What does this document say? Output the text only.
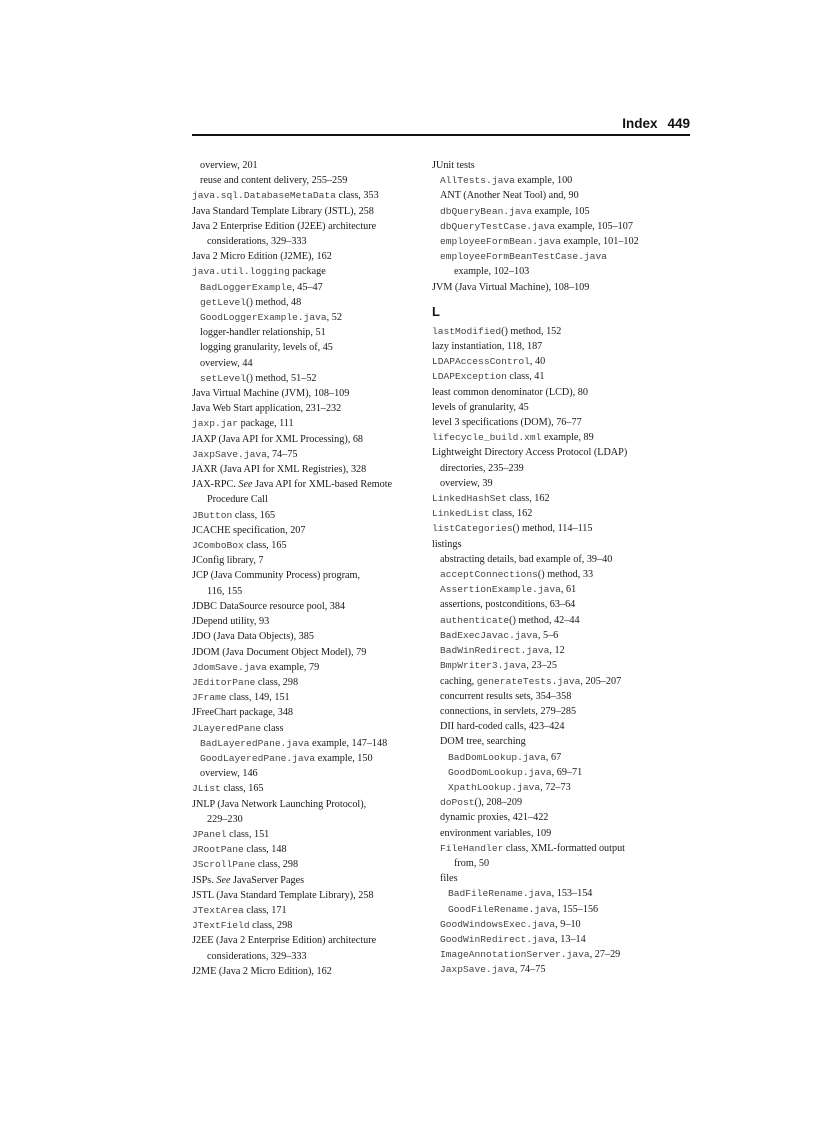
Index 449
overview, 201
reuse and content delivery, 255–259
java.sql.DatabaseMetaData class, 353
Java Standard Template Library (JSTL), 258
Java 2 Enterprise Edition (J2EE) architecture
considerations, 329–333
Java 2 Micro Edition (J2ME), 162
java.util.logging package
BadLoggerExample, 45–47
getLevel() method, 48
GoodLoggerExample.java, 52
logger-handler relationship, 51
logging granularity, levels of, 45
overview, 44
setLevel() method, 51–52
Java Virtual Machine (JVM), 108–109
Java Web Start application, 231–232
jaxp.jar package, 111
JAXP (Java API for XML Processing), 68
JaxpSave.java, 74–75
JAXR (Java API for XML Registries), 328
JAX-RPC. See Java API for XML-based Remote
Procedure Call
JButton class, 165
JCACHE specification, 207
JComboBox class, 165
JConfig library, 7
JCP (Java Community Process) program,
116, 155
JDBC DataSource resource pool, 384
JDepend utility, 93
JDO (Java Data Objects), 385
JDOM (Java Document Object Model), 79
JdomSave.java example, 79
JEditorPane class, 298
JFrame class, 149, 151
JFreeChart package, 348
JLayeredPane class
BadLayeredPane.java example, 147–148
GoodLayeredPane.java example, 150
overview, 146
JList class, 165
JNLP (Java Network Launching Protocol),
229–230
JPanel class, 151
JRootPane class, 148
JScrollPane class, 298
JSPs. See JavaServer Pages
JSTL (Java Standard Template Library), 258
JTextArea class, 171
JTextField class, 298
J2EE (Java 2 Enterprise Edition) architecture
considerations, 329–333
J2ME (Java 2 Micro Edition), 162
JUnit tests
AllTests.java example, 100
ANT (Another Neat Tool) and, 90
dbQueryBean.java example, 105
dbQueryTestCase.java example, 105–107
employeeFormBean.java example, 101–102
employeeFormBeanTestCase.java
example, 102–103
JVM (Java Virtual Machine), 108–109
L
lastModified() method, 152
lazy instantiation, 118, 187
LDAPAccessControl, 40
LDAPException class, 41
least common denominator (LCD), 80
levels of granularity, 45
level 3 specifications (DOM), 76–77
lifecycle_build.xml example, 89
Lightweight Directory Access Protocol (LDAP)
directories, 235–239
overview, 39
LinkedHashSet class, 162
LinkedList class, 162
listCategories() method, 114–115
listings
abstracting details, bad example of, 39–40
acceptConnections() method, 33
AssertionExample.java, 61
assertions, postconditions, 63–64
authenticate() method, 42–44
BadExecJavac.java, 5–6
BadWinRedirect.java, 12
BmpWriter3.java, 23–25
caching, generateTests.java, 205–207
concurrent results sets, 354–358
connections, in servlets, 279–285
DII hard-coded calls, 423–424
DOM tree, searching
BadDomLookup.java, 67
GoodDomLookup.java, 69–71
XpathLookup.java, 72–73
doPost(), 208–209
dynamic proxies, 421–422
environment variables, 109
FileHandler class, XML-formatted output
from, 50
files
BadFileRename.java, 153–154
GoodFileRename.java, 155–156
GoodWindowsExec.java, 9–10
GoodWinRedirect.java, 13–14
ImageAnnotationServer.java, 27–29
JaxpSave.java, 74–75
